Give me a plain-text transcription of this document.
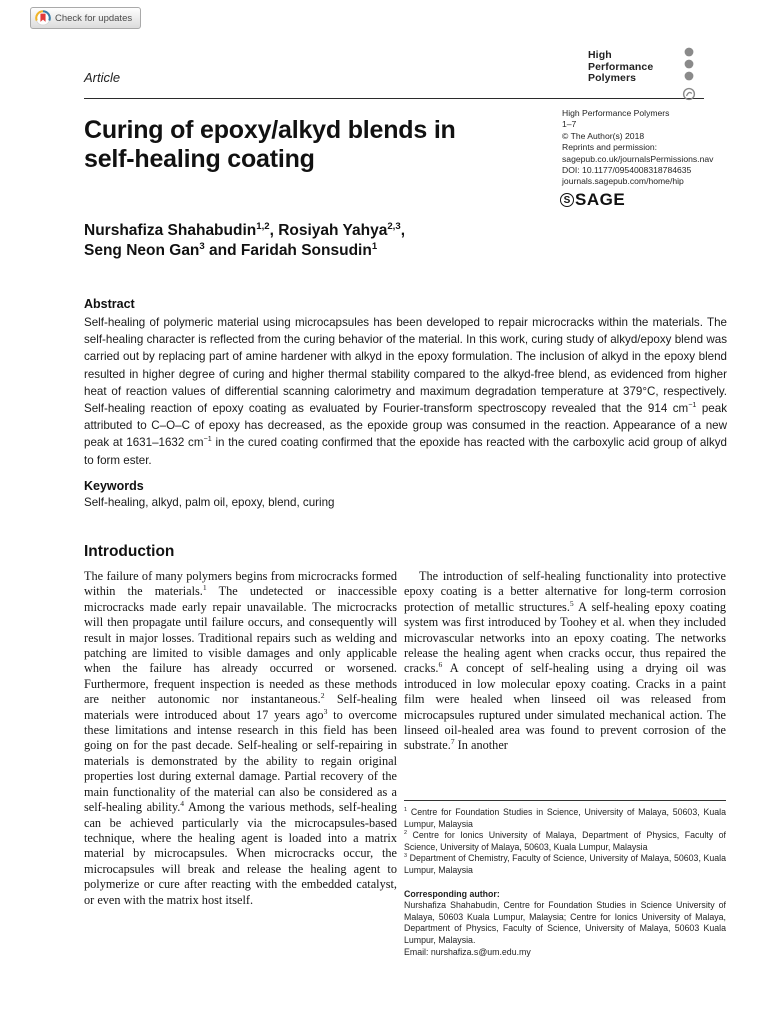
Check for updates
Article
High
Performance
Polymers
High Performance Polymers
1–7
© The Author(s) 2018
Reprints and permission:
sagepub.co.uk/journalsPermissions.nav
DOI: 10.1177/0954008318784635
journals.sagepub.com/home/hip
S SAGE
Curing of epoxy/alkyd blends in
self-healing coating
Nurshafiza Shahabudin$^{1,2}$, Rosiyah Yahya$^{2,3}$,
Seng Neon Gan$^3$ and Faridah Sonsudin$^1$
Abstract
Self-healing of polymeric material using microcapsules has been developed to repair microcracks within the materials. The self-healing character is reflected from the curing behavior of the material. In this work, curing study of alkyd/epoxy blend was carried out by replacing part of amine hardener with alkyd in the epoxy formulation. The inclusion of alkyd in the epoxy blend resulted in higher degree of curing and higher thermal stability compared to the alkyd-free blend, as evidenced from higher heat of reaction values of differential scanning calorimetry and maximum degradation temperature at 379°C, respectively. Self-healing reaction of epoxy coating as evaluated by Fourier-transform spectroscopy revealed that the 914 $cm^{-1}$ peak attributed to C–O–C of epoxy has decreased, as the epoxide group was consumed in the reaction. Appearance of a new peak at 1631–1632 $cm^{-1}$ in the cured coating confirmed that the epoxide has reacted with the carboxylic acid group of alkyd to form ester.
Keywords
Self-healing, alkyd, palm oil, epoxy, blend, curing
Introduction
The failure of many polymers begins from microcracks formed within the materials.$^1$ The undetected or inaccessible microcracks made early repair unavailable. The microcracks will then propagate until failure occurs, and consequently will result in major losses. Traditional repairs such as welding and patching are limited to visible damages and only applicable when the failure has already occurred or worsened. Furthermore, frequent inspection is needed as these methods are neither autonomic nor instantaneous.$^2$ Self-healing materials were introduced about 17 years ago$^3$ to overcome these limitations and intense research in this field has been going on for the past decade. Self-healing or self-repairing in materials is demonstrated by the ability to regain original properties lost during external damage. Partial recovery of the main functionality of the material can also be considered as a self-healing ability.$^4$ Among the various methods, self-healing can be achieved particularly via the microcapsules-based technique, where the healing agent is loaded into a matrix material by microcapsules. When microcracks occur, the microcapsules will break and release the healing agent to polymerize or cure after reacting with the embedded catalyst, or even with the matrix host itself.
The introduction of self-healing functionality into protective epoxy coating is a better alternative for long-term corrosion protection of metallic structures.$^5$ A self-healing epoxy coating system was first introduced by Toohey et al. when they included microvascular networks into an epoxy coating. The networks release the healing agent when cracks occur, thus repaired the cracks.$^6$ A concept of self-healing using a drying oil was introduced in low molecular epoxy coating. Cracks in a paint film were healed when linseed oil was released from microcapsules ruptured under simulated mechanical action. The linseed oil-healed area was found to prevent corrosion of the substrate.$^7$ In another
$^1$ Centre for Foundation Studies in Science, University of Malaya, 50603, Kuala Lumpur, Malaysia
$^2$ Centre for Ionics University of Malaya, Department of Physics, Faculty of Science, University of Malaya, 50603, Kuala Lumpur, Malaysia
$^3$ Department of Chemistry, Faculty of Science, University of Malaya, 50603, Kuala Lumpur, Malaysia
Corresponding author:
Nurshafiza Shahabudin, Centre for Foundation Studies in Science University of Malaya, 50603 Kuala Lumpur, Malaysia; Centre for Ionics University of Malaya, Department of Physics, Faculty of Science, University of Malaya, 50603 Kuala Lumpur, Malaysia.
Email: nurshafiza.s@um.edu.my
